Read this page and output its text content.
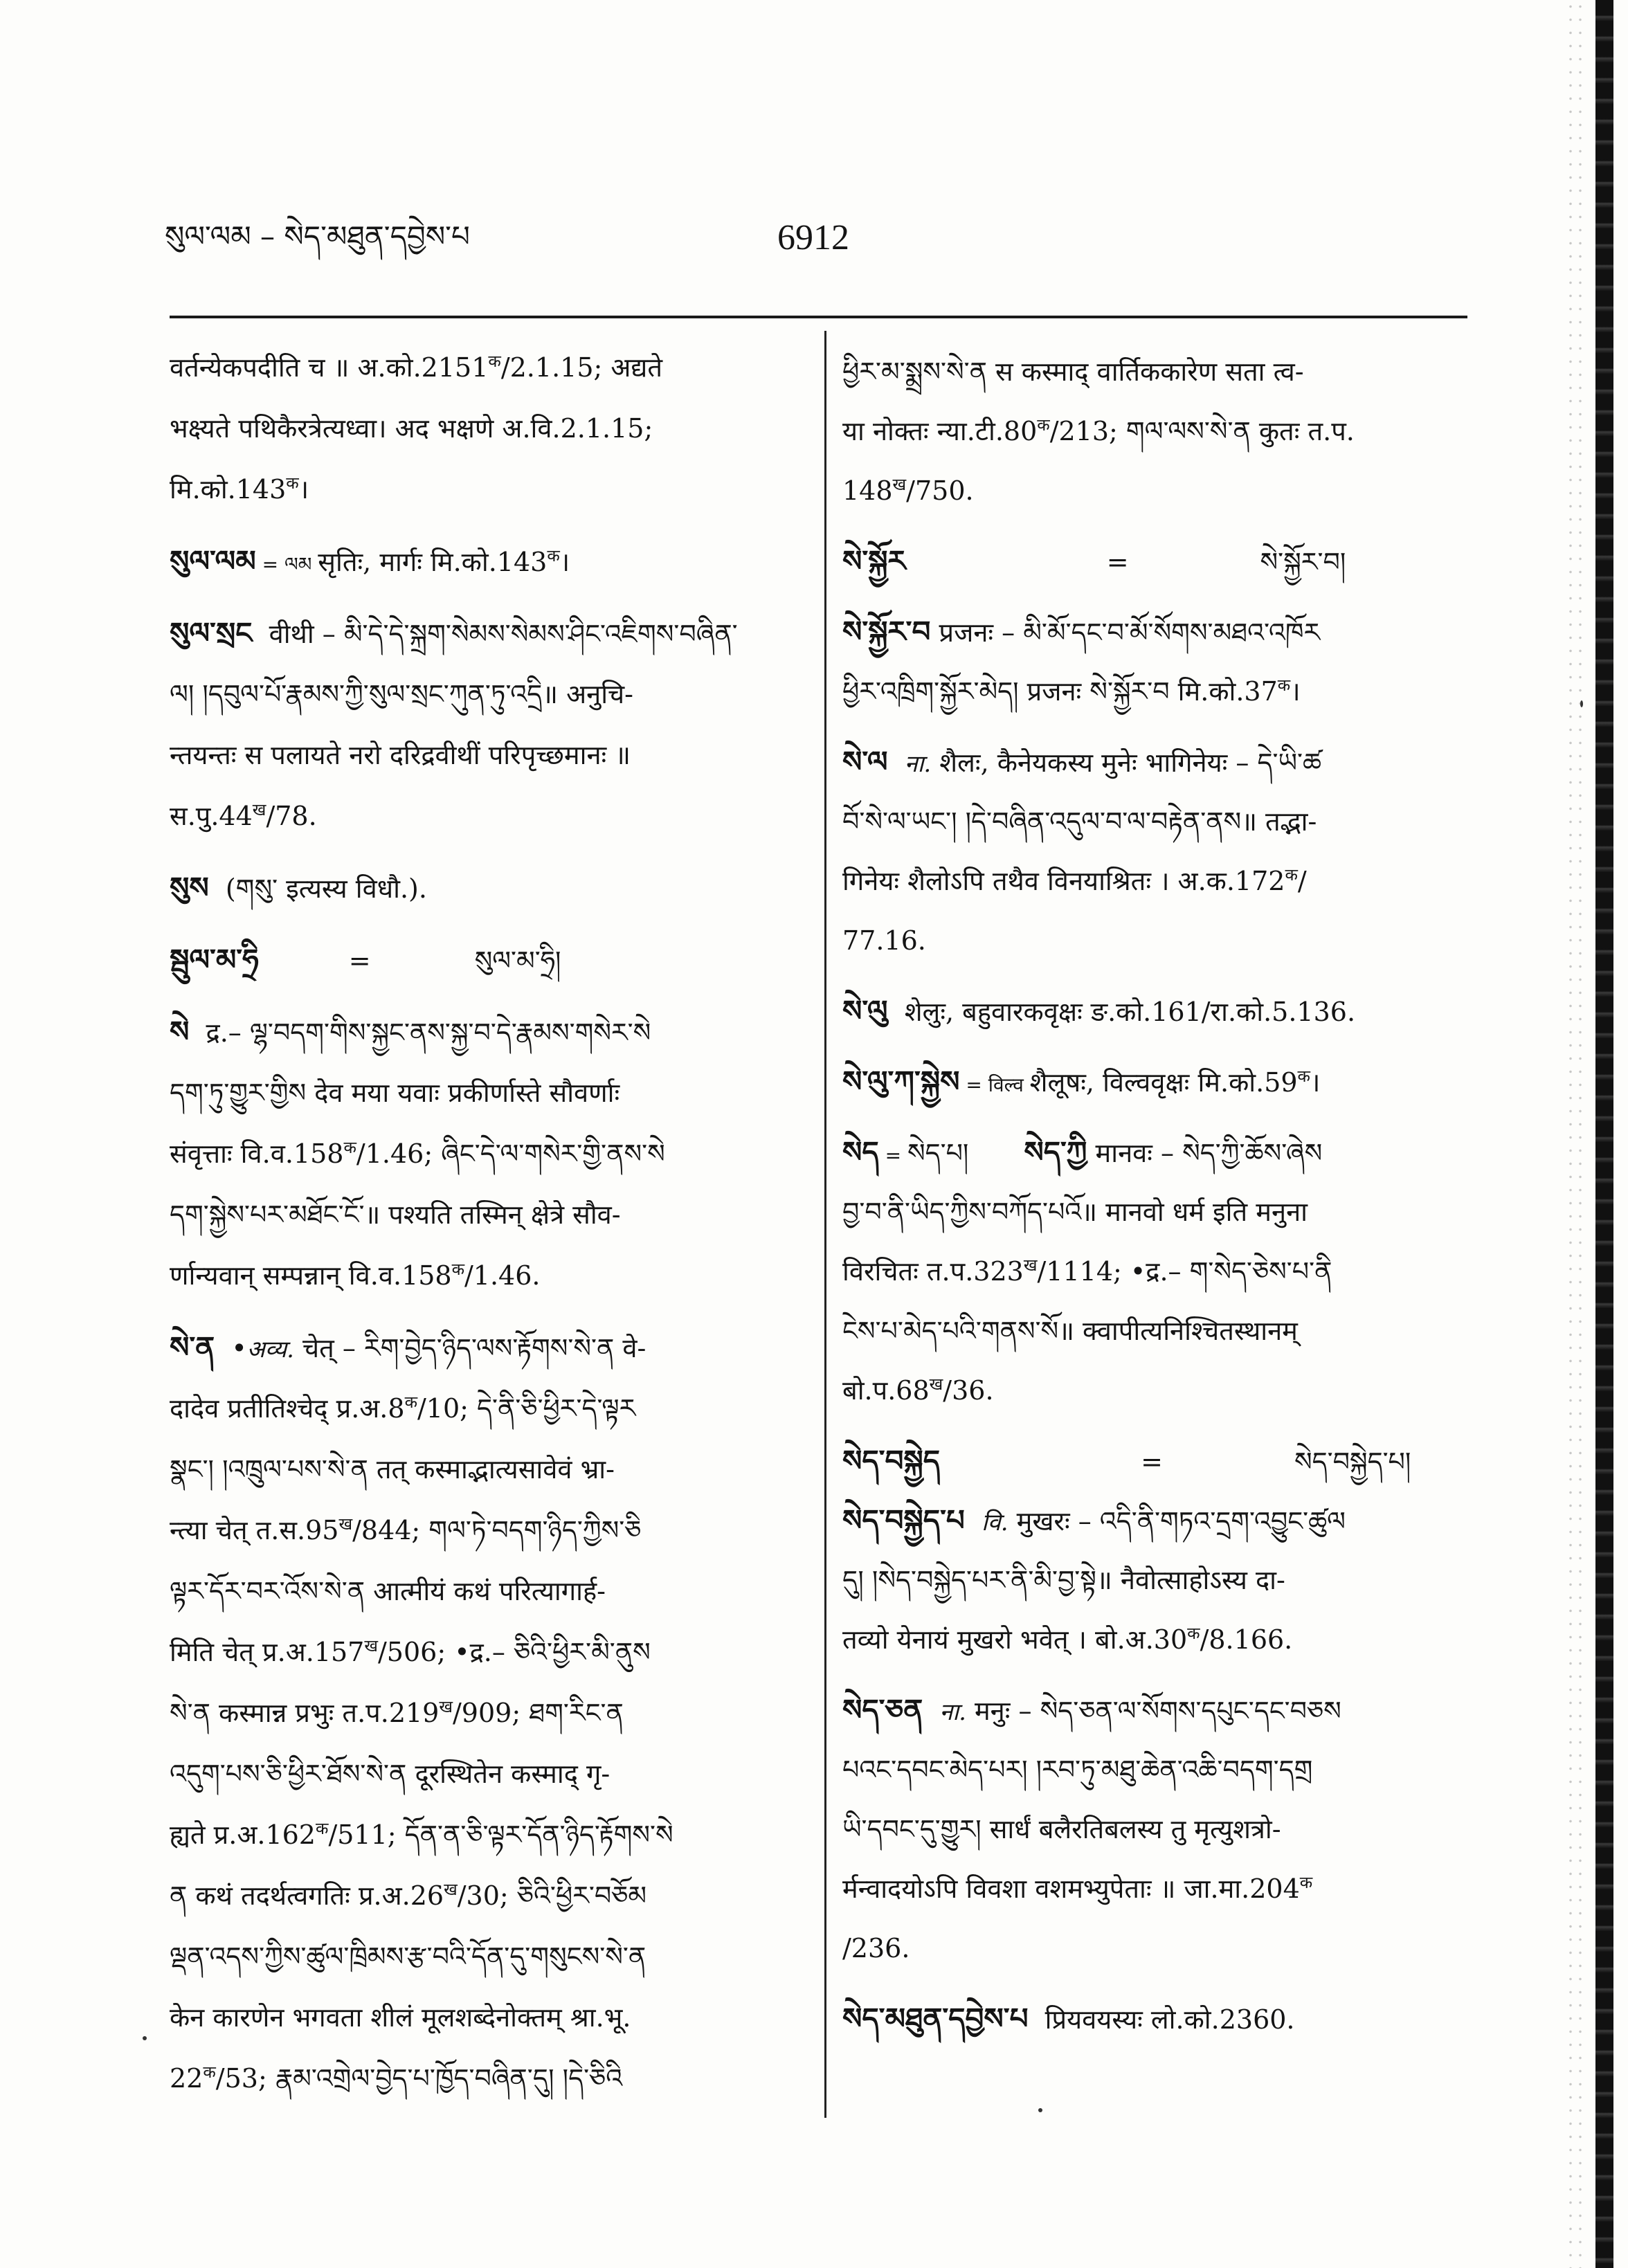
སུལ་ལམ – སེད་མཐུན་དབྱེས་པ	6912
वर्तन्येकपदीति च ॥ $अ.को.2151^क/2.1.15$; अद्यते
भक्ष्यते पथिकैरत्रेत्यध्वा। अद भक्षणे अ.वि.2.1.15;
$मि.को.143^क।$
སུལ་ལམ = ལམ सृतिः, मार्गः $मि.को.143^क।$
སུལ་སྲང  वीथी – མི་དེ་དེ་སྐྲག་སེམས་སེམས་ཤིང་འཇིགས་བཞིན་
ལ། །དབུལ་པོ་རྣམས་ཀྱི་སུལ་སྲང་ཀུན་ཏུ་འདྲི॥ अनुचि-
न्तयन्तः स पलायते नरो दरिद्रवीथीं परिपृच्छमानः ॥
$स.पु.44^ख/78$.
སུས  (གསུ་ इत्यस्य विधौ.).
སྦུལ་མ་ཧྲི	=	སུལ་མ་ཧྲི།
སེ  द्र.– ལྷ་བདག་གིས་སྐྱང་ནས་སྐྱ་བ་དེ་རྣམས་གསེར་སེ
དག་ཏུ་གྱུར་གྱིས देव मया यवाः प्रकीर्णास्ते सौवर्णाः
संवृत्ताः $वि.व.158^क/1.46$; ཞིང་དེ་ལ་གསེར་གྱི་ནས་སེ
དག་སྐྱེས་པར་མཐོང་ངོ་॥ पश्यति तस्मिन् क्षेत्रे सौव-
र्णान्यवान् सम्पन्नान् $वि.व.158^क/1.46$.
སེ་ན  •अव्य. चेत् – རིག་བྱེད་ཉིད་ལས་རྟོགས་སེ་ན वे-
दादेव प्रतीतिश्चेद् $प्र.अ.8^क/10$; དེ་ནི་ཅི་ཕྱིར་དེ་ལྟར
སྣང་། །འཁྲུལ་པས་སེ་ན तत् कस्माद्भात्यसावेवं भ्रा-
न्त्या चेत् $त.स.95^ख/844$; གལ་ཏེ་བདག་ཉིད་ཀྱིས་ཅི
ལྟར་དོར་བར་འོས་སེ་ན आत्मीयं कथं परित्यागार्ह-
मिति चेत् $प्र.अ.157^ख/506$; •द्र.– ཅིའི་ཕྱིར་མི་ནུས
སེ་ན कस्मान्न प्रभुः $त.प.219^ख/909$; ཐག་རིང་ན
འདུག་པས་ཅི་ཕྱིར་ཐོས་སེ་ན दूरस्थितेन कस्माद् गृ-
ह्यते $प्र.अ.162^क/511$; དོན་ན་ཅི་ལྟར་དོན་ཉིད་རྟོགས་སེ
ན कथं तदर्थत्वगतिः $प्र.अ.26^ख/30$; ཅིའི་ཕྱིར་བཅོམ
ལྡན་འདས་ཀྱིས་ཚུལ་ཁྲིམས་རྩ་བའི་དོན་དུ་གསུངས་སེ་ན
केन कारणेन भगवता शीलं मूलशब्देनोक्तम् श्रा.भू.
$22^क/53$; རྣམ་འགྲེལ་བྱེད་པ་ཁྱོད་བཞིན་དུ། །དེ་ཅིའི
ཕྱིར་མ་སྨྲས་སེ་ན स कस्माद् वार्तिककारेण सता त्व-
या नोक्तः $न्या.टी.80^क/213$; གལ་ལས་སེ་ན कुतः त.प.
$148^ख/750$.
སེ་སྐྱོར	=	སེ་སྐྱོར་བ།
སེ་སྐྱོར་བ प्रजनः – མི་མོ་དང་བ་མོ་སོགས་མཐའ་འཁོར
ཕྱིར་འཁྲིག་སྐྱོར་མེད། प्रजनः སེ་སྐྱོར་བ $मि.को.37^क।$
སེ་ལ ना. शैलः, कैनेयकस्य मुनेः भागिनेयः – དེ་ཡི་ཚ
བོ་སེ་ལ་ཡང་། །དེ་བཞིན་འདུལ་བ་ལ་བརྟེན་ནས॥ तद्भा-
गिनेयः शैलोऽपि तथैव विनयाश्रितः । $अ.क.172^क/$
77.16.
སེ་ལུ  शेलुः, बहुवारकवृक्षः ङ.को.161/रा.को.5.136.
སེ་ལུ་ཀ་སྐྱེས = विल्व शैलूषः, विल्ववृक्षः $मि.को.59^क।$
སེད = སེད་པ། སེད་ཀྱི मानवः – སེད་ཀྱི་ཆོས་ཞེས
བྱ་བ་ནི་ཡིད་ཀྱིས་བཀོད་པའོ॥ मानवो धर्म इति मनुना
विरचितः $त.प.323^ख/1114$; •द्र.– ག་སེད་ཅེས་པ་ནི
ངེས་པ་མེད་པའི་གནས་སོ॥ क्वापीत्यनिश्चितस्थानम्
$बो.प.68^ख/36$.
སེད་བསྐྱེད	=	སེད་བསྐྱེད་པ།
སེད་བསྐྱེད་པ वि. मुखरः – འདི་ནི་གཏའ་དྲག་འབྱུང་ཚུལ
དུ། །སེད་བསྐྱེད་པར་ནི་མི་བྱ་སྟེ॥ नैवोत्साहोऽस्य दा-
तव्यो येनायं मुखरो भवेत् । $बो.अ.30^क/8.166$.
སེད་ཅན ना. मनुः – སེད་ཅན་ལ་སོགས་དཔུང་དང་བཅས
པའང་དབང་མེད་པར། །རབ་ཏུ་མཐུ་ཆེན་འཆི་བདག་དགྲ
ཡི་དབང་དུ་གྱུར། सार्धं बलैरतिबलस्य तु मृत्युशत्रो-
र्मन्वादयोऽपि विवशा वशमभ्युपेताः ॥ $जा.मा.204^क$
/236.
སེད་མཐུན་དབྱེས་པ  प्रियवयस्यः लो.को.2360.
